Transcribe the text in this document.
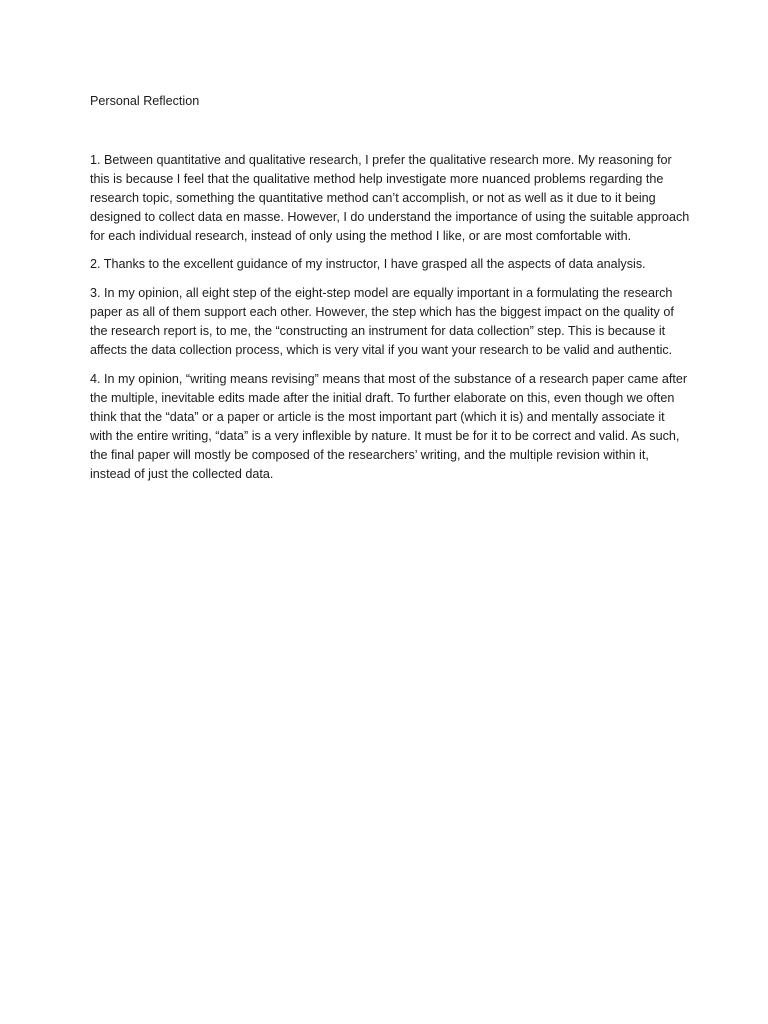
Personal Reflection

1. Between quantitative and qualitative research, I prefer the qualitative research more. My reasoning for this is because I feel that the qualitative method help investigate more nuanced problems regarding the research topic, something the quantitative method can’t accomplish, or not as well as it due to it being designed to collect data en masse. However, I do understand the importance of using the suitable approach for each individual research, instead of only using the method I like, or are most comfortable with.

2. Thanks to the excellent guidance of my instructor, I have grasped all the aspects of data analysis.

3. In my opinion, all eight step of the eight-step model are equally important in a formulating the research paper as all of them support each other. However, the step which has the biggest impact on the quality of the research report is, to me, the “constructing an instrument for data collection” step. This is because it affects the data collection process, which is very vital if you want your research to be valid and authentic.

4. In my opinion, “writing means revising” means that most of the substance of a research paper came after the multiple, inevitable edits made after the initial draft. To further elaborate on this, even though we often think that the “data” or a paper or article is the most important part (which it is) and mentally associate it with the entire writing, “data” is a very inflexible by nature. It must be for it to be correct and valid. As such, the final paper will mostly be composed of the researchers’ writing, and the multiple revision within it, instead of just the collected data.
